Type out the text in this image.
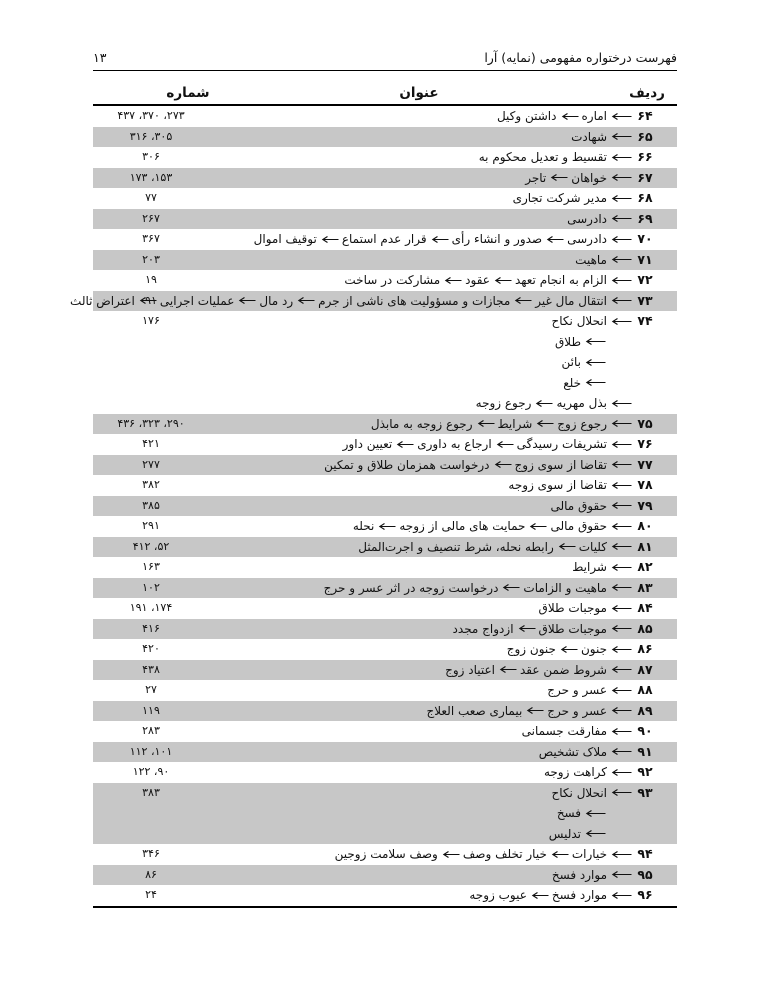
فهرست درختواره مفهومی (نمایه) آرا
۱۳
ردیف
عنوان
شماره
۶۴
اماره
داشتن وکیل
۲۷۳، ۳۷۰، ۴۳۷
۶۵
شهادت
۳۰۵، ۳۱۶
۶۶
تقسیط و تعدیل محکوم به
۳۰۶
۶۷
خواهان
تاجر
۱۵۳، ۱۷۳
۶۸
مدیر شرکت تجاری
۷۷
۶۹
دادرسی
۲۶۷
۷۰
دادرسی
صدور و انشاء رأی
قرار عدم استماع
توقیف اموال
۳۶۷
۷۱
ماهیت
۲۰۳
۷۲
الزام به انجام تعهد
عقود
مشارکت در ساخت
۱۹
۷۳
انتقال مال غیر
مجازات و مسؤولیت های ناشی از جرم
رد مال
عملیات اجرایی
اعتراض ثالث ۹۱
۷۴
انحلال نکاح
۱۷۶
طلاق
بائن
خلع
بذل مهریه
رجوع زوجه
۷۵
رجوع زوج
شرایط
رجوع زوجه به مابذل
۲۹۰، ۳۲۳، ۴۳۶
۷۶
تشریفات رسیدگی
ارجاع به داوری
تعیین داور
۴۲۱
۷۷
تقاضا از سوی زوج
درخواست همزمان طلاق و تمکین
۲۷۷
۷۸
تقاضا از سوی زوجه
۳۸۲
۷۹
حقوق مالی
۳۸۵
۸۰
حقوق مالی
حمایت های مالی از زوجه
نحله
۲۹۱
۸۱
کلیات
رابطه نحله، شرط تنصیف و اجرت‌المثل
۵۲، ۴۱۲
۸۲
شرایط
۱۶۳
۸۳
ماهیت و الزامات
درخواست زوجه در اثر عسر و حرج
۱۰۲
۸۴
موجبات طلاق
۱۷۴، ۱۹۱
۸۵
موجبات طلاق
ازدواج مجدد
۴۱۶
۸۶
جنون
جنون زوج
۴۲۰
۸۷
شروط ضمن عقد
اعتیاد زوج
۴۳۸
۸۸
عسر و حرج
۲۷
۸۹
عسر و حرج
بیماری صعب العلاج
۱۱۹
۹۰
مفارقت جسمانی
۲۸۳
۹۱
ملاک تشخیص
۱۰۱، ۱۱۲
۹۲
کراهت زوجه
۹۰، ۱۲۲
۹۳
انحلال نکاح
۳۸۳
فسخ
تدلیس
۹۴
خیارات
خیار تخلف وصف
وصف سلامت زوجین
۳۴۶
۹۵
موارد فسخ
۸۶
۹۶
موارد فسخ
عیوب زوجه
۲۴
